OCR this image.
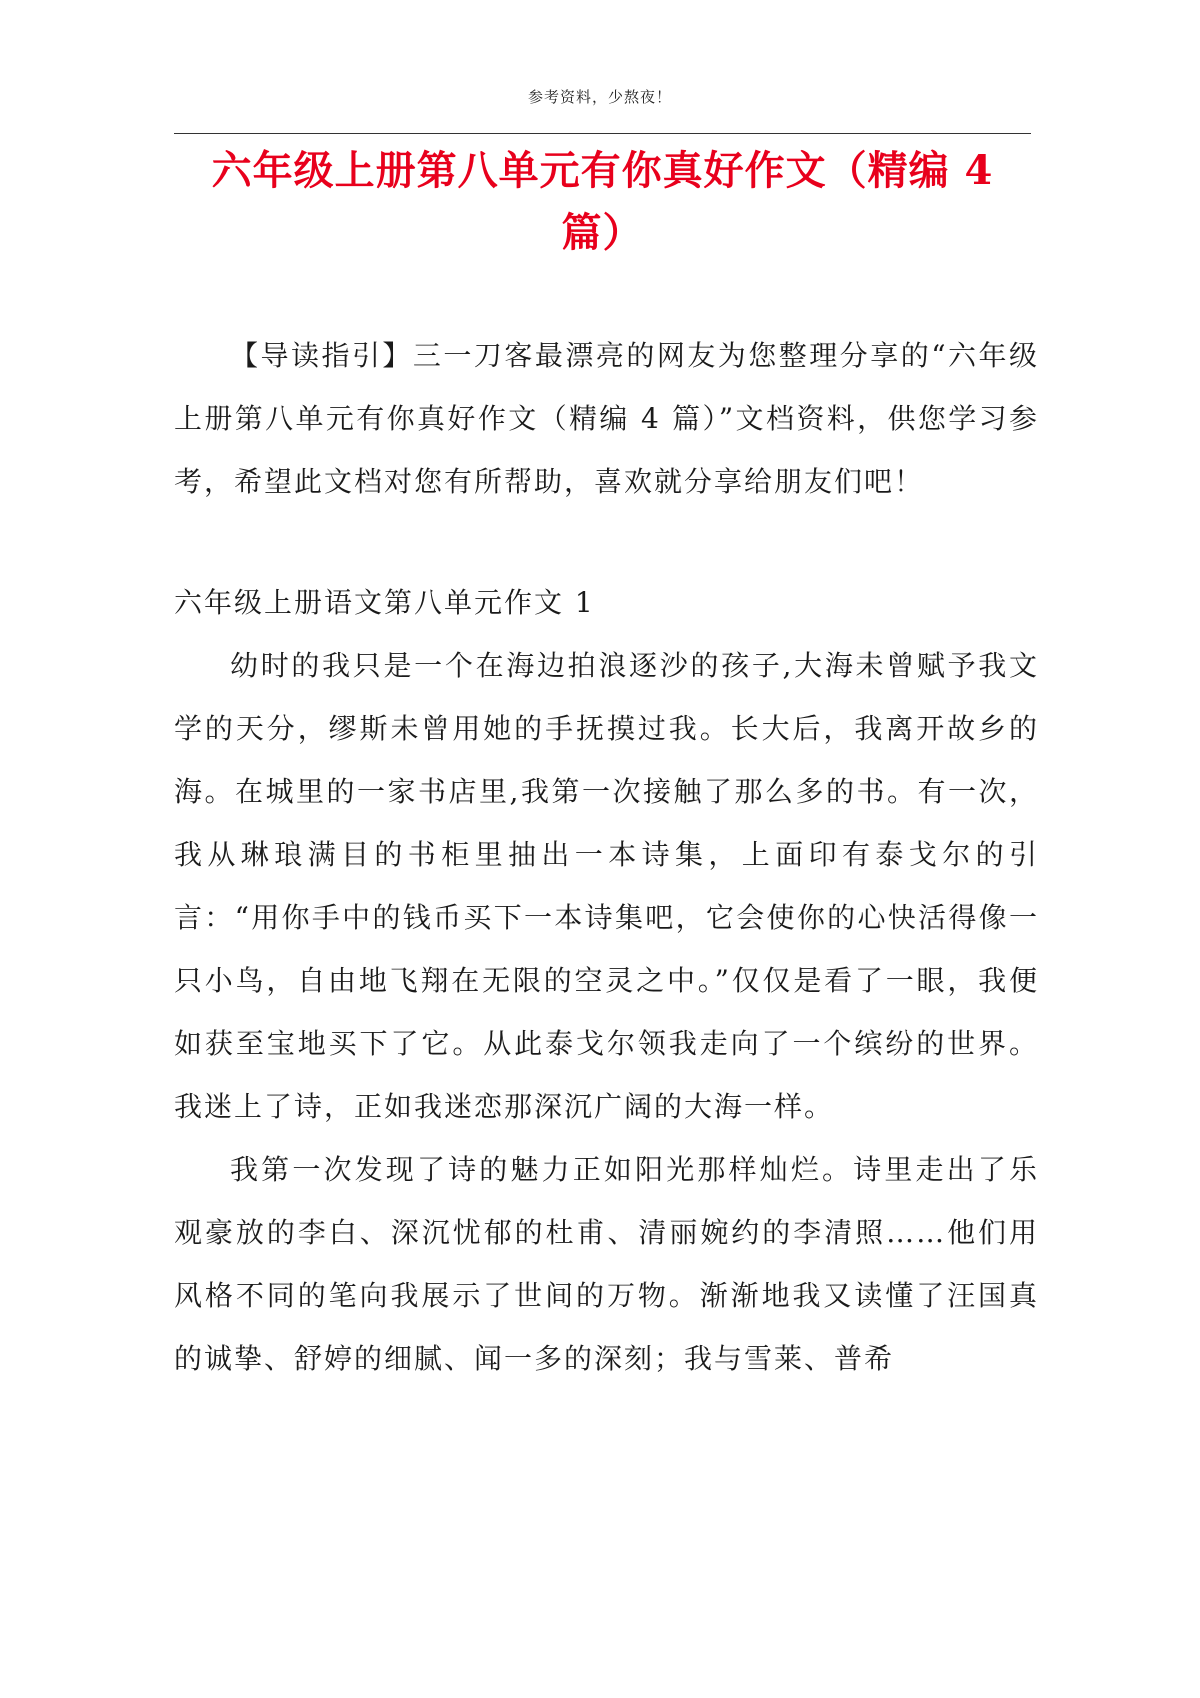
参考资料，少熬夜！
六年级上册第八单元有你真好作文（精编 4 篇）

【导读指引】三一刀客最漂亮的网友为您整理分享的“六年级上册第八单元有你真好作文（精编 4 篇）”文档资料，供您学习参考，希望此文档对您有所帮助，喜欢就分享给朋友们吧！

六年级上册语文第八单元作文 1

幼时的我只是一个在海边拍浪逐沙的孩子,大海未曾赋予我文学的天分，缪斯未曾用她的手抚摸过我。长大后，我离开故乡的海。在城里的一家书店里,我第一次接触了那么多的书。有一次，我从琳琅满目的书柜里抽出一本诗集，上面印有泰戈尔的引言：“用你手中的钱币买下一本诗集吧，它会使你的心快活得像一只小鸟，自由地飞翔在无限的空灵之中。”仅仅是看了一眼，我便如获至宝地买下了它。从此泰戈尔领我走向了一个缤纷的世界。我迷上了诗，正如我迷恋那深沉广阔的大海一样。

我第一次发现了诗的魅力正如阳光那样灿烂。诗里走出了乐观豪放的李白、深沉忧郁的杜甫、清丽婉约的李清照……他们用风格不同的笔向我展示了世间的万物。渐渐地我又读懂了汪国真的诚挚、舒婷的细腻、闻一多的深刻；我与雪莱、普希
